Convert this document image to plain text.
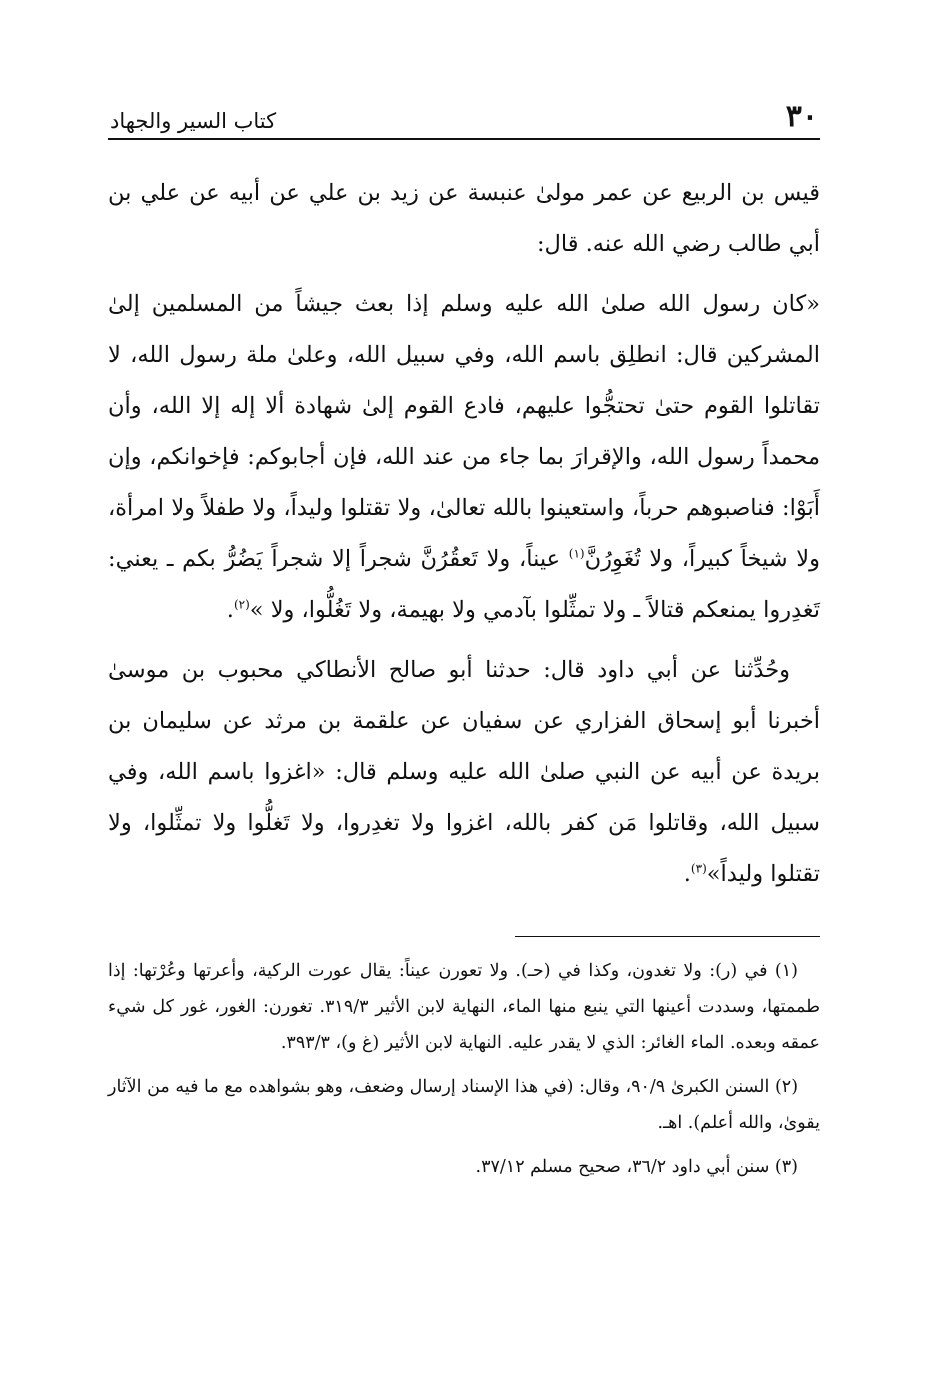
٣٠
كتاب السير والجهاد

قيس بن الربيع عن عمر مولىٰ عنبسة عن زيد بن علي عن أبيه عن علي بن أبي طالب رضي الله عنه. قال:

«كان رسول الله صلىٰ الله عليه وسلم إذا بعث جيشاً من المسلمين إلىٰ المشركين قال: انطلِق باسم الله، وفي سبيل الله، وعلىٰ ملة رسول الله، لا تقاتلوا القوم حتىٰ تحتجُّوا عليهم، فادع القوم إلىٰ شهادة ألا إله إلا الله، وأن محمداً رسول الله، والإقرارَ بما جاء من عند الله، فإن أجابوكم: فإخوانكم، وإن أَبَوْا: فناصبوهم حرباً، واستعينوا بالله تعالىٰ، ولا تقتلوا وليداً، ولا طفلاً ولا امرأة، ولا شيخاً كبيراً، ولا تُغَوِرُنَّ$^{(١)}$ عيناً، ولا تَعقُرُنَّ شجراً إلا شجراً يَضُرُّ بكم ـ يعني: تَغدِروا يمنعكم قتالاً ـ ولا تمثِّلوا بآدمي ولا بهيمة، ولا تَغُلُّوا، ولا »$^{(٢)}$.

وحُدِّثنا عن أبي داود قال: حدثنا أبو صالح الأنطاكي محبوب بن موسىٰ أخبرنا أبو إسحاق الفزاري عن سفيان عن علقمة بن مرثد عن سليمان بن بريدة عن أبيه عن النبي صلىٰ الله عليه وسلم قال: «اغزوا باسم الله، وفي سبيل الله، وقاتلوا مَن كفر بالله، اغزوا ولا تغدِروا، ولا تَغلُّوا ولا تمثِّلوا، ولا تقتلوا وليداً»$^{(٣)}$.

(١) في (ر): ولا تغدون، وكذا في (حـ). ولا تعورن عيناً: يقال عورت الركية، وأعرتها وعُرْتها: إذا طممتها، وسددت أعينها التي ينبع منها الماء، النهاية لابن الأثير ٣١٩/٣. تغورن: الغور، غور كل شيء عمقه وبعده. الماء الغائر: الذي لا يقدر عليه. النهاية لابن الأثير (غ و)، ٣٩٣/٣.

(٢) السنن الكبرىٰ ٩٠/٩، وقال: (في هذا الإسناد إرسال وضعف، وهو بشواهده مع ما فيه من الآثار يقوىٰ، والله أعلم). اهـ.

(٣) سنن أبي داود ٣٦/٢، صحيح مسلم ٣٧/١٢.
